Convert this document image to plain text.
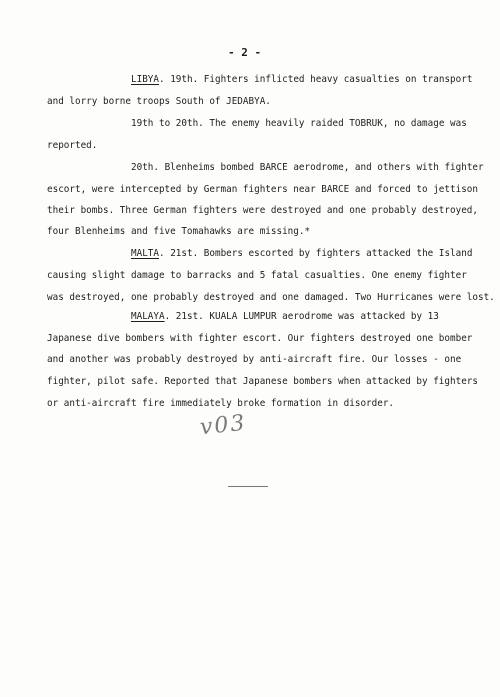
- 2 -
LIBYA. 19th. Fighters inflicted heavy casualties on transport
and lorry borne troops South of JEDABYA.
19th to 20th. The enemy heavily raided TOBRUK, no damage was
reported.
20th. Blenheims bombed BARCE aerodrome, and others with fighter
escort, were intercepted by German fighters near BARCE and forced to jettison
their bombs. Three German fighters were destroyed and one probably destroyed,
four Blenheims and five Tomahawks are missing.*
MALTA. 21st. Bombers escorted by fighters attacked the Island
causing slight damage to barracks and 5 fatal casualties. One enemy fighter
was destroyed, one probably destroyed and one damaged. Two Hurricanes were lost.
MALAYA. 21st. KUALA LUMPUR aerodrome was attacked by 13
Japanese dive bombers with fighter escort. Our fighters destroyed one bomber
and another was probably destroyed by anti-aircraft fire. Our losses - one
fighter, pilot safe. Reported that Japanese bombers when attacked by fighters
or anti-aircraft fire immediately broke formation in disorder.
v03
